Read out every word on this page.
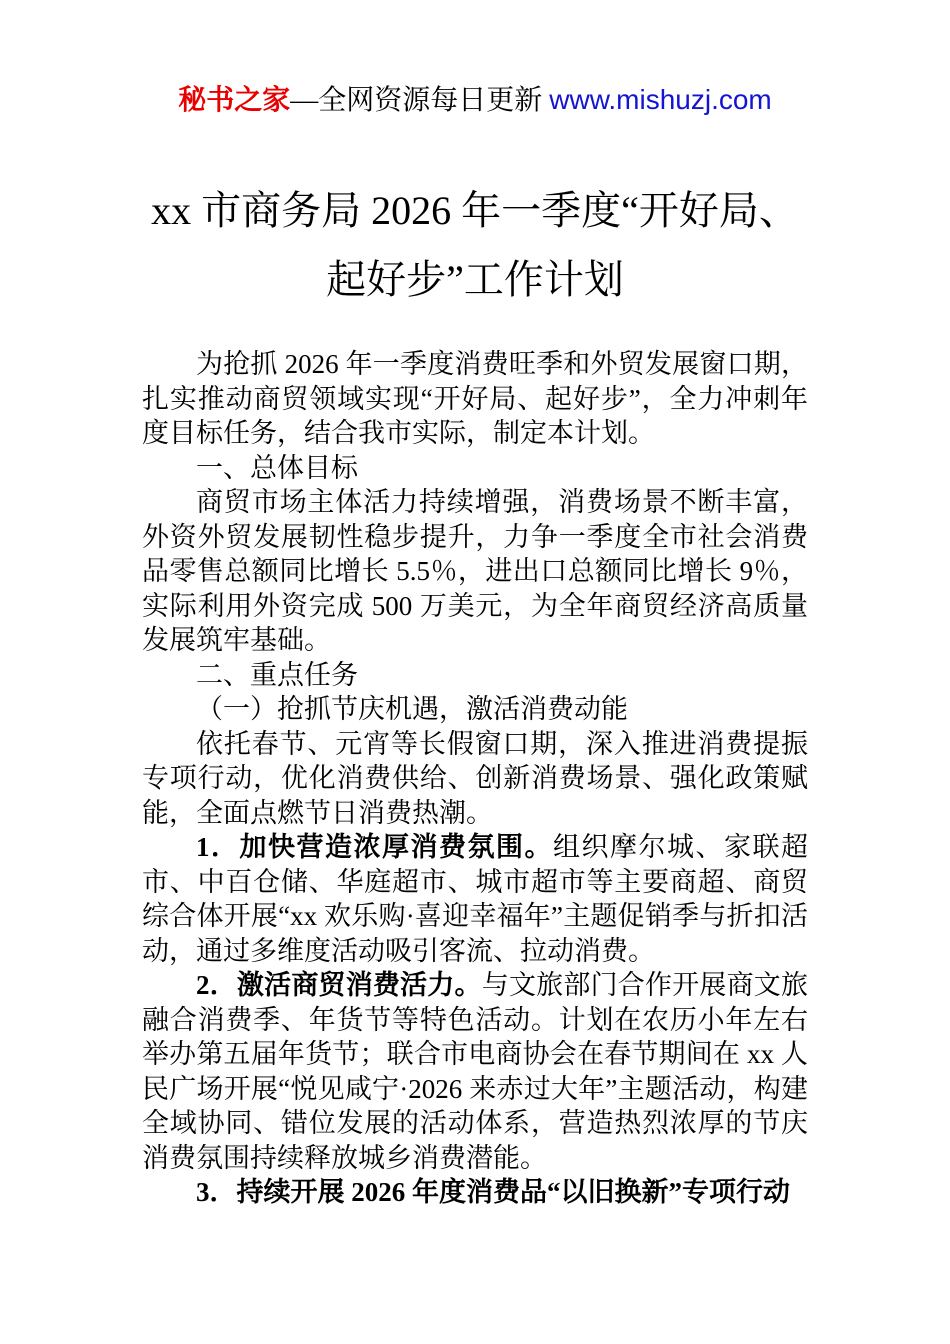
秘书之家—全网资源每日更新 www.mishuzj.com
xx 市商务局 2026 年一季度“开好局、
起好步”工作计划

为抢抓 2026 年一季度消费旺季和外贸发展窗口期，扎实推动商贸领域实现“开好局、起好步”，全力冲刺年度目标任务，结合我市实际，制定本计划。

一、总体目标

商贸市场主体活力持续增强，消费场景不断丰富，外资外贸发展韧性稳步提升，力争一季度全市社会消费品零售总额同比增长 5.5％，进出口总额同比增长 9％，实际利用外资完成 500 万美元，为全年商贸经济高质量发展筑牢基础。

二、重点任务

（一）抢抓节庆机遇，激活消费动能

依托春节、元宵等长假窗口期，深入推进消费提振专项行动，优化消费供给、创新消费场景、强化政策赋能，全面点燃节日消费热潮。

1．加快营造浓厚消费氛围。组织摩尔城、家联超市、中百仓储、华庭超市、城市超市等主要商超、商贸综合体开展“xx 欢乐购·喜迎幸福年”主题促销季与折扣活动，通过多维度活动吸引客流、拉动消费。

2．激活商贸消费活力。与文旅部门合作开展商文旅融合消费季、年货节等特色活动。计划在农历小年左右举办第五届年货节；联合市电商协会在春节期间在 xx 人民广场开展“悦见咸宁·2026 来赤过大年”主题活动，构建全域协同、错位发展的活动体系，营造热烈浓厚的节庆消费氛围持续释放城乡消费潜能。

3．持续开展 2026 年度消费品“以旧换新”专项行动
